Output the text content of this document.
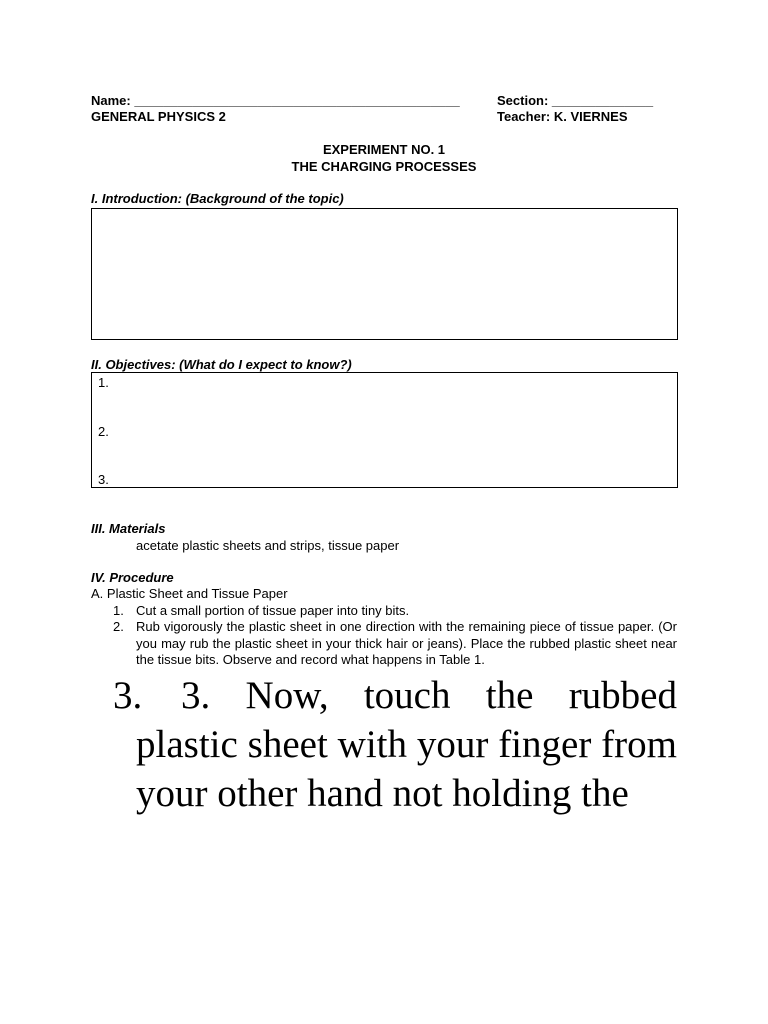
Name: _____________________________________________	Section: ______________
GENERAL PHYSICS 2	Teacher: K. VIERNES
EXPERIMENT NO. 1
THE CHARGING PROCESSES
I. Introduction: (Background of the topic)
II. Objectives: (What do I expect to know?)
1.
2.
3.
III. Materials
acetate plastic sheets and strips, tissue paper
IV. Procedure
A. Plastic Sheet and Tissue Paper
1. Cut a small portion of tissue paper into tiny bits.
2. Rub vigorously the plastic sheet in one direction with the remaining piece of tissue paper. (Or you may rub the plastic sheet in your thick hair or jeans). Place the rubbed plastic sheet near the tissue bits. Observe and record what happens in Table 1.
3. 3. Now, touch the rubbed plastic sheet with your finger from your other hand not holding the
